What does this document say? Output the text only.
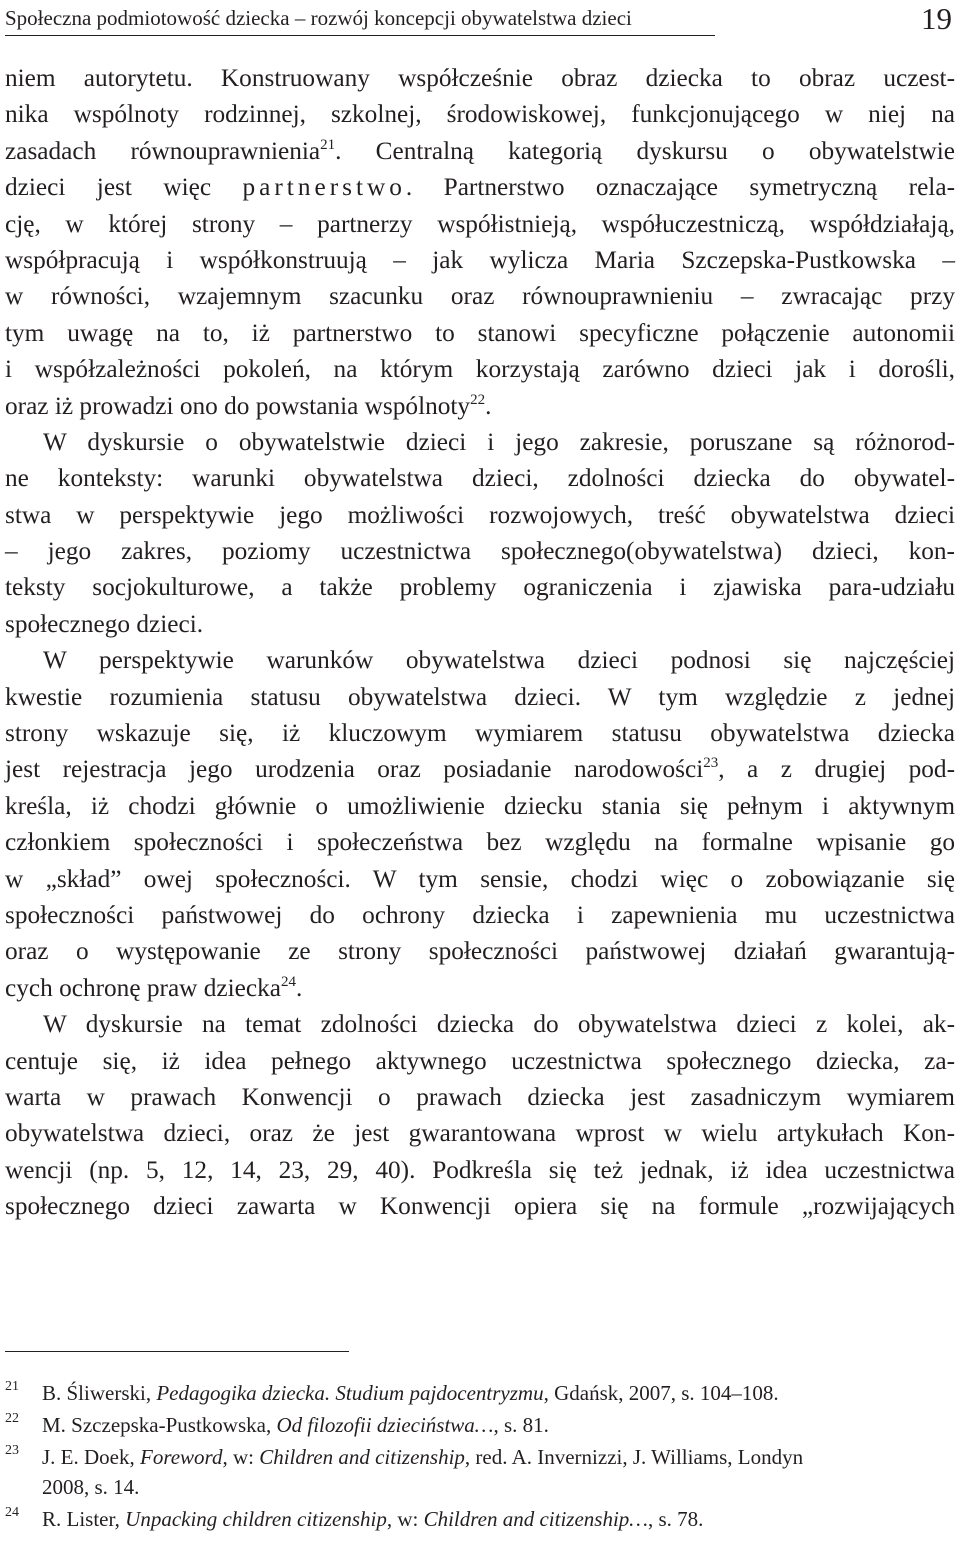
Społeczna podmiotowość dziecka – rozwój koncepcji obywatelstwa dzieci	19
niem autorytetu. Konstruowany współcześnie obraz dziecka to obraz uczest-
nika wspólnoty rodzinnej, szkolnej, środowiskowej, funkcjonującego w niej na
zasadach równouprawnienia$^{21}$. Centralną kategorią dyskursu o obywatelstwie
dzieci jest więc partnerstwo. Partnerstwo oznaczające symetryczną rela-
cję, w której strony – partnerzy współistnieją, współuczestniczą, współdziałają,
współpracują i współkonstruują – jak wylicza Maria Szczepska-Pustkowska –
w równości, wzajemnym szacunku oraz równouprawnieniu – zwracając przy
tym uwagę na to, iż partnerstwo to stanowi specyficzne połączenie autonomii
i współzależności pokoleń, na którym korzystają zarówno dzieci jak i dorośli,
oraz iż prowadzi ono do powstania wspólnoty$^{22}$.
W dyskursie o obywatelstwie dzieci i jego zakresie, poruszane są różnorod-
ne konteksty: warunki obywatelstwa dzieci, zdolności dziecka do obywatel-
stwa w perspektywie jego możliwości rozwojowych, treść obywatelstwa dzieci
– jego zakres, poziomy uczestnictwa społecznego(obywatelstwa) dzieci, kon-
teksty socjokulturowe, a także problemy ograniczenia i zjawiska para-udziału
społecznego dzieci.
W perspektywie warunków obywatelstwa dzieci podnosi się najczęściej
kwestie rozumienia statusu obywatelstwa dzieci. W tym względzie z jednej
strony wskazuje się, iż kluczowym wymiarem statusu obywatelstwa dziecka
jest rejestracja jego urodzenia oraz posiadanie narodowości$^{23}$, a z drugiej pod-
kreśla, iż chodzi głównie o umożliwienie dziecku stania się pełnym i aktywnym
członkiem społeczności i społeczeństwa bez względu na formalne wpisanie go
w „skład” owej społeczności. W tym sensie, chodzi więc o zobowiązanie się
społeczności państwowej do ochrony dziecka i zapewnienia mu uczestnictwa
oraz o występowanie ze strony społeczności państwowej działań gwarantują-
cych ochronę praw dziecka$^{24}$.
W dyskursie na temat zdolności dziecka do obywatelstwa dzieci z kolei, ak-
centuje się, iż idea pełnego aktywnego uczestnictwa społecznego dziecka, za-
warta w prawach Konwencji o prawach dziecka jest zasadniczym wymiarem
obywatelstwa dzieci, oraz że jest gwarantowana wprost w wielu artykułach Kon-
wencji (np. 5, 12, 14, 23, 29, 40). Podkreśla się też jednak, iż idea uczestnictwa
społecznego dzieci zawarta w Konwencji opiera się na formule „rozwijających
21 B. Śliwerski, Pedagogika dziecka. Studium pajdocentryzmu, Gdańsk, 2007, s. 104–108.
22 M. Szczepska-Pustkowska, Od filozofii dzieciństwa…, s. 81.
23 J. E. Doek, Foreword, w: Children and citizenship, red. A. Invernizzi, J. Williams, Londyn
2008, s. 14.
24 R. Lister, Unpacking children citizenship, w: Children and citizenship…, s. 78.
